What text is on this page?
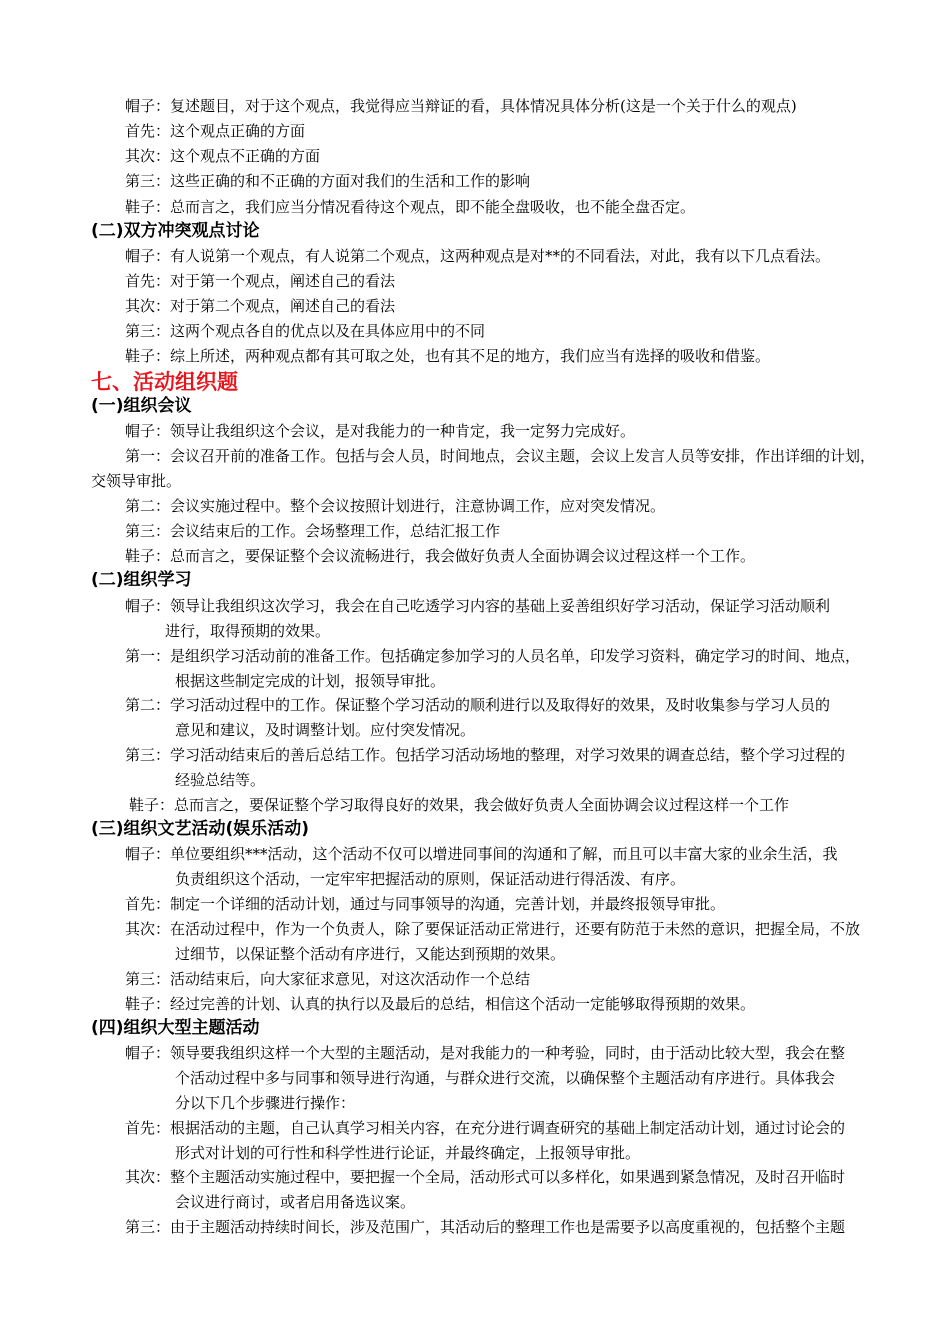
帽子：复述题目，对于这个观点，我觉得应当辩证的看，具体情况具体分析(这是一个关于什么的观点)
首先：这个观点正确的方面
其次：这个观点不正确的方面
第三：这些正确的和不正确的方面对我们的生活和工作的影响
鞋子：总而言之，我们应当分情况看待这个观点，即不能全盘吸收，也不能全盘否定。
(二)双方冲突观点讨论
帽子：有人说第一个观点，有人说第二个观点，这两种观点是对**的不同看法，对此，我有以下几点看法。
首先：对于第一个观点，阐述自己的看法
其次：对于第二个观点，阐述自己的看法
第三：这两个观点各自的优点以及在具体应用中的不同
鞋子：综上所述，两种观点都有其可取之处，也有其不足的地方，我们应当有选择的吸收和借鉴。
七、活动组织题
(一)组织会议
帽子：领导让我组织这个会议，是对我能力的一种肯定，我一定努力完成好。
第一：会议召开前的准备工作。包括与会人员，时间地点，会议主题，会议上发言人员等安排，作出详细的计划，
交领导审批。
第二：会议实施过程中。整个会议按照计划进行，注意协调工作，应对突发情况。
第三：会议结束后的工作。会场整理工作，总结汇报工作
鞋子：总而言之，要保证整个会议流畅进行，我会做好负责人全面协调会议过程这样一个工作。
(二)组织学习
帽子：领导让我组织这次学习，我会在自己吃透学习内容的基础上妥善组织好学习活动，保证学习活动顺利
进行，取得预期的效果。
第一：是组织学习活动前的准备工作。包括确定参加学习的人员名单，印发学习资料，确定学习的时间、地点，
根据这些制定完成的计划，报领导审批。
第二：学习活动过程中的工作。保证整个学习活动的顺利进行以及取得好的效果，及时收集参与学习人员的
意见和建议，及时调整计划。应付突发情况。
第三：学习活动结束后的善后总结工作。包括学习活动场地的整理，对学习效果的调查总结，整个学习过程的
经验总结等。
鞋子：总而言之，要保证整个学习取得良好的效果，我会做好负责人全面协调会议过程这样一个工作
(三)组织文艺活动(娱乐活动)
帽子：单位要组织***活动，这个活动不仅可以增进同事间的沟通和了解，而且可以丰富大家的业余生活，我
负责组织这个活动，一定牢牢把握活动的原则，保证活动进行得活泼、有序。
首先：制定一个详细的活动计划，通过与同事领导的沟通，完善计划，并最终报领导审批。
其次：在活动过程中，作为一个负责人，除了要保证活动正常进行，还要有防范于未然的意识，把握全局，不放
过细节，以保证整个活动有序进行，又能达到预期的效果。
第三：活动结束后，向大家征求意见，对这次活动作一个总结
鞋子：经过完善的计划、认真的执行以及最后的总结，相信这个活动一定能够取得预期的效果。
(四)组织大型主题活动
帽子：领导要我组织这样一个大型的主题活动，是对我能力的一种考验，同时，由于活动比较大型，我会在整
个活动过程中多与同事和领导进行沟通，与群众进行交流，以确保整个主题活动有序进行。具体我会
分以下几个步骤进行操作：
首先：根据活动的主题，自己认真学习相关内容，在充分进行调查研究的基础上制定活动计划，通过讨论会的
形式对计划的可行性和科学性进行论证，并最终确定，上报领导审批。
其次：整个主题活动实施过程中，要把握一个全局，活动形式可以多样化，如果遇到紧急情况，及时召开临时
会议进行商讨，或者启用备选议案。
第三：由于主题活动持续时间长，涉及范围广，其活动后的整理工作也是需要予以高度重视的，包括整个主题
